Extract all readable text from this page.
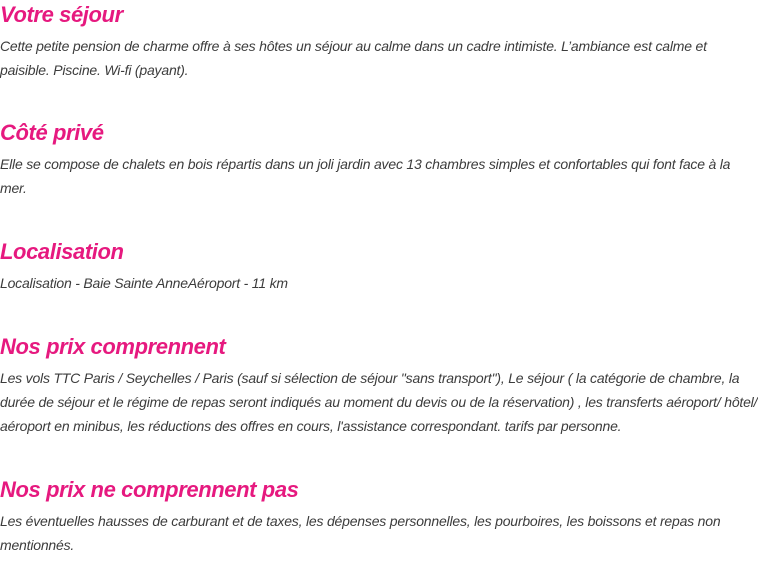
Votre séjour

Cette petite pension de charme offre à ses hôtes un séjour au calme dans un cadre intimiste. L’ambiance est calme et paisible. Piscine. Wi-fi (payant).

Côté privé

Elle se compose de chalets en bois répartis dans un joli jardin avec 13 chambres simples et confortables qui font face à la mer.

Localisation

Localisation - Baie Sainte AnneAéroport - 11 km

Nos prix comprennent

Les vols TTC Paris / Seychelles / Paris (sauf si sélection de séjour "sans transport"), Le séjour ( la catégorie de chambre, la durée de séjour et le régime de repas seront indiqués au moment du devis ou de la réservation) , les transferts aéroport/ hôtel/ aéroport en minibus, les réductions des offres en cours, l'assistance correspondant. tarifs par personne.

Nos prix ne comprennent pas

Les éventuelles hausses de carburant et de taxes, les dépenses personnelles, les pourboires, les boissons et repas non mentionnés.
